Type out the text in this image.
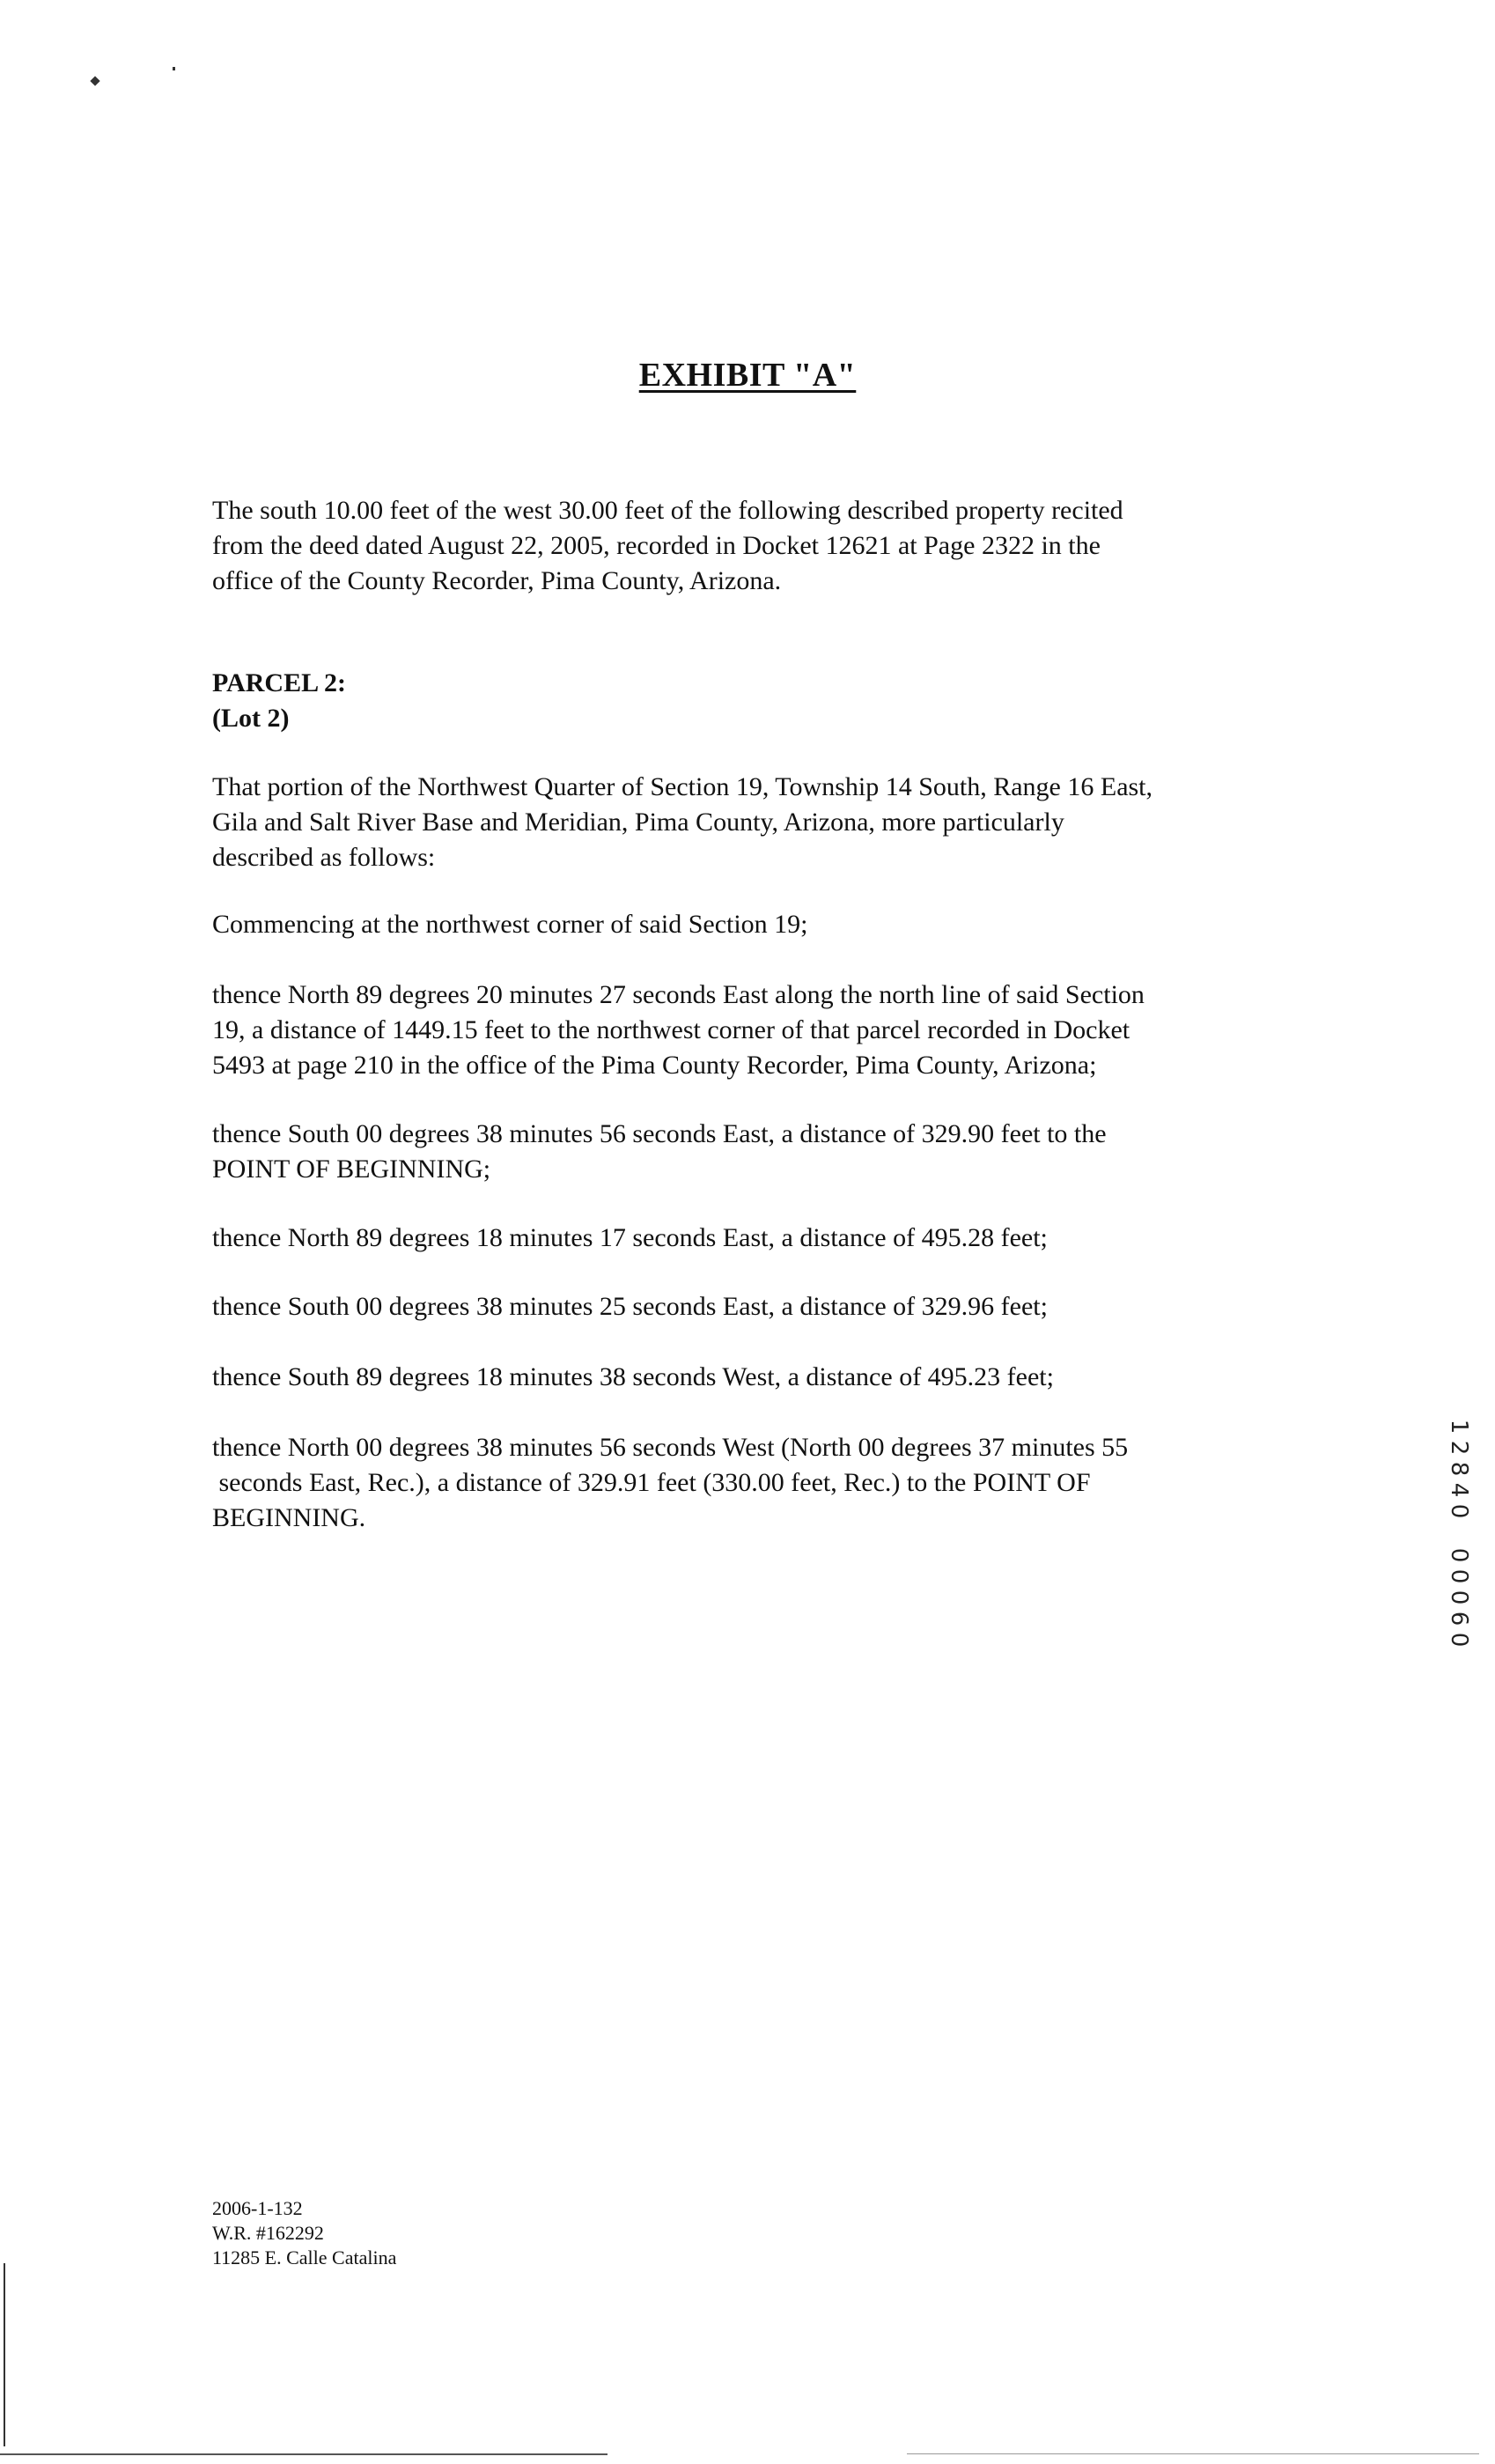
EXHIBIT "A"

The south 10.00 feet of the west 30.00 feet of the following described property recited
from the deed dated August 22, 2005, recorded in Docket 12621 at Page 2322 in the
office of the County Recorder, Pima County, Arizona.

PARCEL 2:
(Lot 2)

That portion of the Northwest Quarter of Section 19, Township 14 South, Range 16 East,
Gila and Salt River Base and Meridian, Pima County, Arizona, more particularly
described as follows:

Commencing at the northwest corner of said Section 19;

thence North 89 degrees 20 minutes 27 seconds East along the north line of said Section
19, a distance of 1449.15 feet to the northwest corner of that parcel recorded in Docket
5493 at page 210 in the office of the Pima County Recorder, Pima County, Arizona;

thence South 00 degrees 38 minutes 56 seconds East, a distance of 329.90 feet to the
POINT OF BEGINNING;

thence North 89 degrees 18 minutes 17 seconds East, a distance of 495.28 feet;

thence South 00 degrees 38 minutes 25 seconds East, a distance of 329.96 feet;

thence South 89 degrees 18 minutes 38 seconds West, a distance of 495.23 feet;

thence North 00 degrees 38 minutes 56 seconds West (North 00 degrees 37 minutes 55
seconds East, Rec.), a distance of 329.91 feet (330.00 feet, Rec.) to the POINT OF
BEGINNING.

1
2
8
4
0
0
0
0
6
0
2006-1-132
W.R. #162292
11285 E. Calle Catalina
